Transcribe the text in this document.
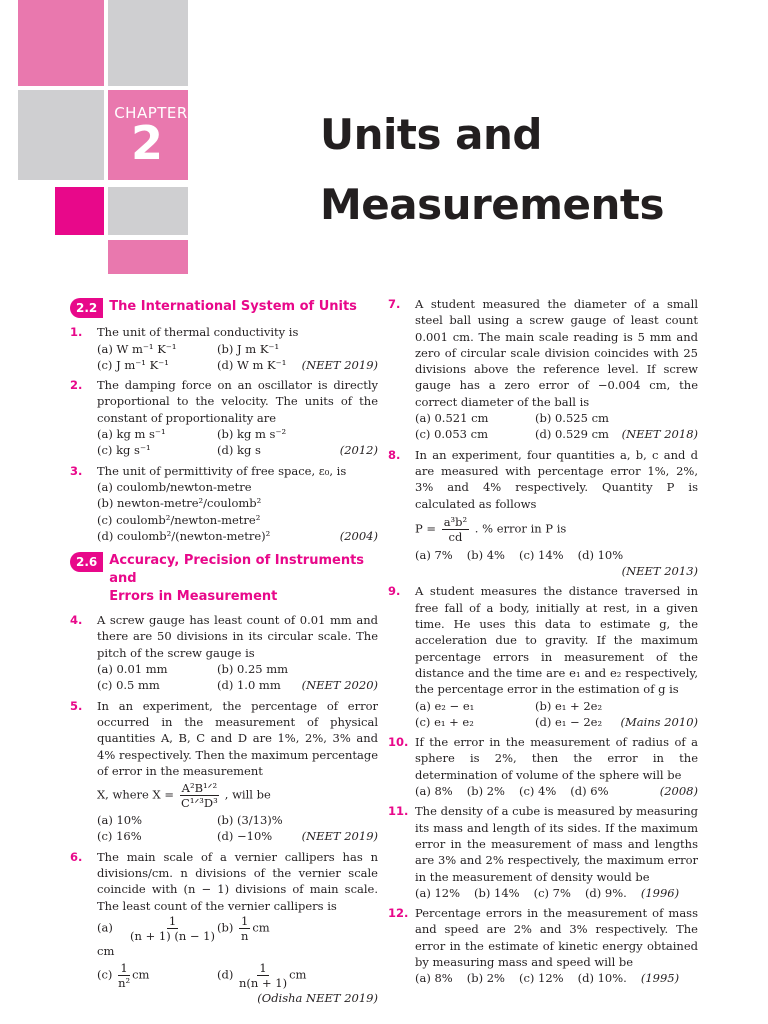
CHAPTER
2	Units and
Measurements
2.2 The International System of Units
1. The unit of thermal conductivity is
(a) W m⁻¹ K⁻¹	(b) J m K⁻¹
(c) J m⁻¹ K⁻¹	(d) W m K⁻¹ (NEET 2019)
2. The damping force on an oscillator is directly proportional to the velocity. The units of the constant of proportionality are
(a) kg m s⁻¹	(b) kg m s⁻²
(c) kg s⁻¹	(d) kg s	(2012)
3. The unit of permittivity of free space, ε₀, is
(a) coulomb/newton-metre
(b) newton-metre²/coulomb²
(c) coulomb²/newton-metre²
(d) coulomb²/(newton-metre)²	(2004)
2.6 Accuracy, Precision of Instruments and
Errors in Measurement
4. A screw gauge has least count of 0.01 mm and there are 50 divisions in its circular scale. The pitch of the screw gauge is
(a) 0.01 mm	(b) 0.25 mm
(c) 0.5 mm	(d) 1.0 mm (NEET 2020)
5. In an experiment, the percentage of error occurred in the measurement of physical quantities A, B, C and D are 1%, 2%, 3% and 4% respectively. Then the maximum percentage of error in the measurement
X, where $X = \frac{\text{A²B¹ᐟ²}}{\text{C¹ᐟ³D³}}$ , will be
(a) 10%	(b) (3/13)%
(c) 16%	(d) −10%	(NEET 2019)
6. The main scale of a vernier callipers has n divisions/cm. n divisions of the vernier scale coincide with (n − 1) divisions of main scale. The least count of the vernier callipers is
$(a) \frac{1}{(n + 1) (n - 1)}$
cm
$(b) \frac{1}{n}$ cm
$(c) \frac{1}{\text{n²}}$ cm	$(d) \frac{1}{n(n + 1)}$ cm
(Odisha NEET 2019)
7. A student measured the diameter of a small steel ball using a screw gauge of least count 0.001 cm. The main scale reading is 5 mm and zero of circular scale division coincides with 25 divisions above the reference level. If screw gauge has a zero error of −0.004 cm, the correct diameter of the ball is
(a) 0.521 cm	(b) 0.525 cm
(c) 0.053 cm	(d) 0.529 cm (NEET 2018)
8. In an experiment, four quantities a, b, c and d are measured with percentage error 1%, 2%, 3% and 4% respectively. Quantity P is calculated as follows
$P = \frac{\text{a³b²}}{cd}$ . % error in P is
(a) 7% (b) 4% (c) 14% (d) 10%
(NEET 2013)
9. A student measures the distance traversed in free fall of a body, initially at rest, in a given time. He uses this data to estimate g, the acceleration due to gravity. If the maximum percentage errors in measurement of the distance and the time are e₁ and e₂ respectively, the percentage error in the estimation of g is
(a) e₂ − e₁	(b) e₁ + 2e₂
(c) e₁ + e₂	(d) e₁ − 2e₂ (Mains 2010)
10. If the error in the measurement of radius of a sphere is 2%, then the error in the determination of volume of the sphere will be
(a) 8% (b) 2% (c) 4% (d) 6%	(2008)
11. The density of a cube is measured by measuring its mass and length of its sides. If the maximum error in the measurement of mass and lengths are 3% and 2% respectively, the maximum error in the measurement of density would be
(a) 12% (b) 14% (c) 7% (d) 9%. (1996)
12. Percentage errors in the measurement of mass and speed are 2% and 3% respectively. The error in the estimate of kinetic energy obtained by measuring mass and speed will be
(a) 8% (b) 2% (c) 12% (d) 10%. (1995)
